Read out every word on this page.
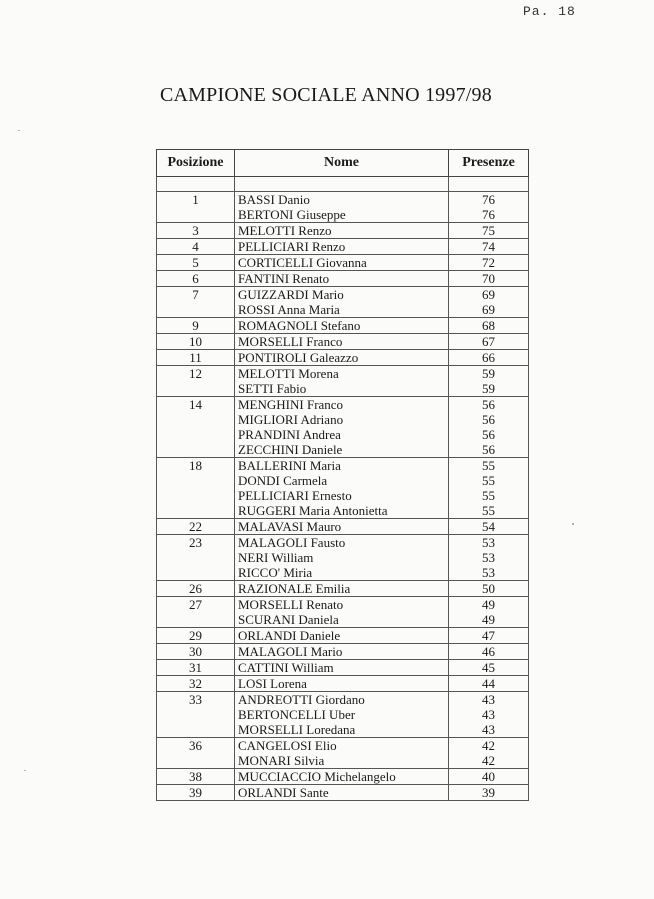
Pa. 18
CAMPIONE SOCIALE ANNO 1997/98
Posizione	Nome	Presenze

1	BASSI Danio	76
	BERTONI Giuseppe	76
3	MELOTTI Renzo	75
4	PELLICIARI Renzo	74
5	CORTICELLI Giovanna	72
6	FANTINI Renato	70
7	GUIZZARDI Mario	69
	ROSSI Anna Maria	69
9	ROMAGNOLI Stefano	68
10	MORSELLI Franco	67
11	PONTIROLI Galeazzo	66
12	MELOTTI Morena	59
	SETTI Fabio	59
14	MENGHINI Franco	56
	MIGLIORI Adriano	56
	PRANDINI Andrea	56
	ZECCHINI Daniele	56
18	BALLERINI Maria	55
	DONDI Carmela	55
	PELLICIARI Ernesto	55
	RUGGERI Maria Antonietta	55
22	MALAVASI Mauro	54
23	MALAGOLI Fausto	53
	NERI William	53
	RICCO' Miria	53
26	RAZIONALE Emilia	50
27	MORSELLI Renato	49
	SCURANI Daniela	49
29	ORLANDI Daniele	47
30	MALAGOLI Mario	46
31	CATTINI William	45
32	LOSI Lorena	44
33	ANDREOTTI Giordano	43
	BERTONCELLI Uber	43
	MORSELLI Loredana	43
36	CANGELOSI Elio	42
	MONARI Silvia	42
38	MUCCIACCIO Michelangelo	40
39	ORLANDI Sante	39
